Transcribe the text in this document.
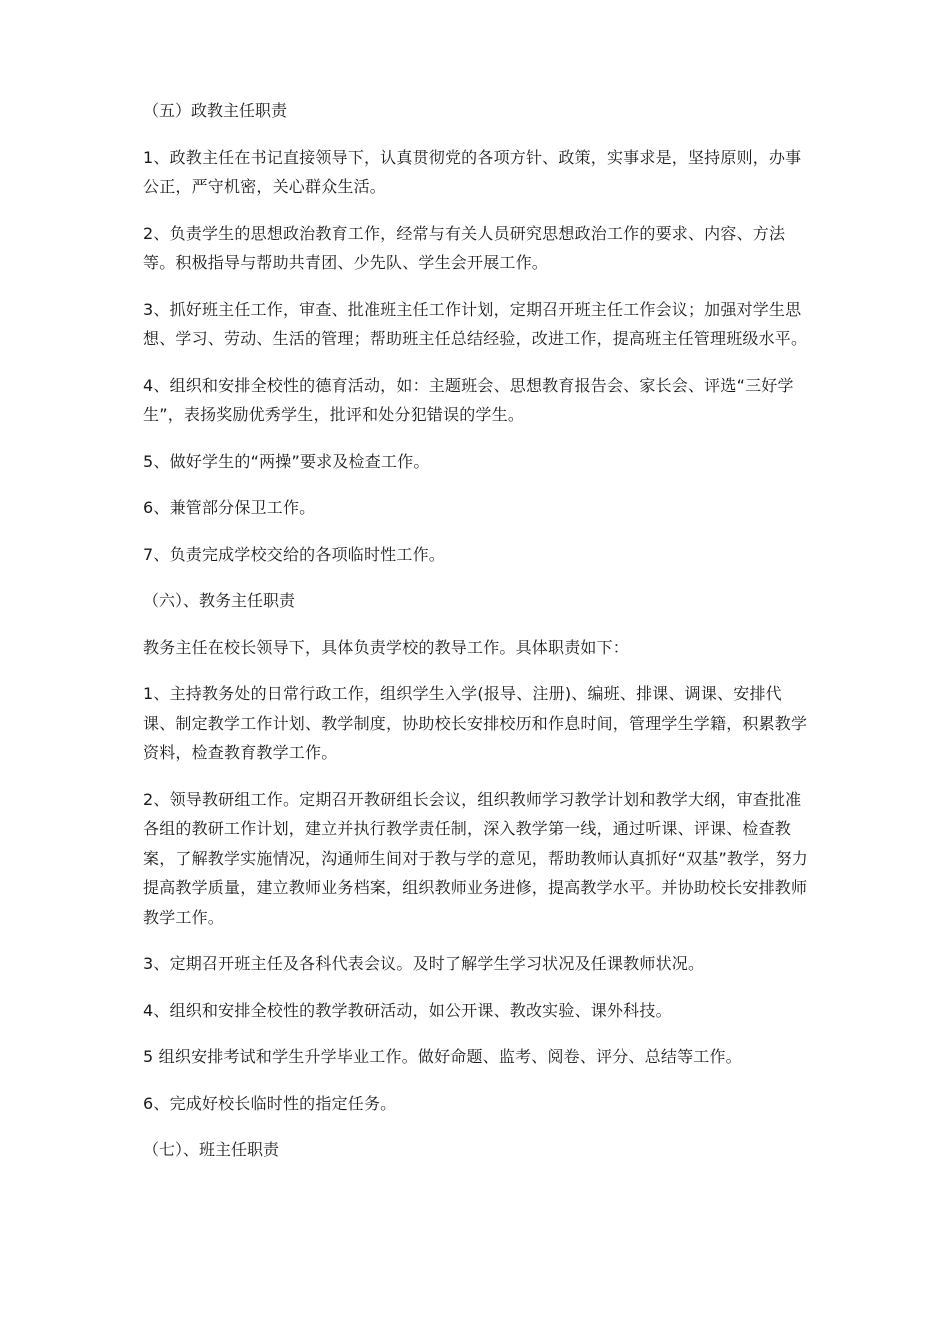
（五）政教主任职责

1、政教主任在书记直接领导下，认真贯彻党的各项方针、政策，实事求是，坚持原则，办事公正，严守机密，关心群众生活。

2、负责学生的思想政治教育工作，经常与有关人员研究思想政治工作的要求、内容、方法等。积极指导与帮助共青团、少先队、学生会开展工作。

3、抓好班主任工作，审查、批准班主任工作计划，定期召开班主任工作会议；加强对学生思想、学习、劳动、生活的管理；帮助班主任总结经验，改进工作，提高班主任管理班级水平。

4、组织和安排全校性的德育活动，如：主题班会、思想教育报告会、家长会、评选“三好学生”，表扬奖励优秀学生，批评和处分犯错误的学生。

5、做好学生的“两操”要求及检查工作。

6、兼管部分保卫工作。

7、负责完成学校交给的各项临时性工作。

（六）、教务主任职责

教务主任在校长领导下，具体负责学校的教导工作。具体职责如下：

1、主持教务处的日常行政工作，组织学生入学(报导、注册)、编班、排课、调课、安排代课、制定教学工作计划、教学制度，协助校长安排校历和作息时间，管理学生学籍，积累教学资料，检查教育教学工作。

2、领导教研组工作。定期召开教研组长会议，组织教师学习教学计划和教学大纲，审查批准各组的教研工作计划，建立并执行教学责任制，深入教学第一线，通过听课、评课、检查教案，了解教学实施情况，沟通师生间对于教与学的意见，帮助教师认真抓好“双基”教学，努力提高教学质量，建立教师业务档案，组织教师业务进修，提高教学水平。并协助校长安排教师教学工作。

3、定期召开班主任及各科代表会议。及时了解学生学习状况及任课教师状况。

4、组织和安排全校性的教学教研活动，如公开课、教改实验、课外科技。

5 组织安排考试和学生升学毕业工作。做好命题、监考、阅卷、评分、总结等工作。

6、完成好校长临时性的指定任务。

（七）、班主任职责
